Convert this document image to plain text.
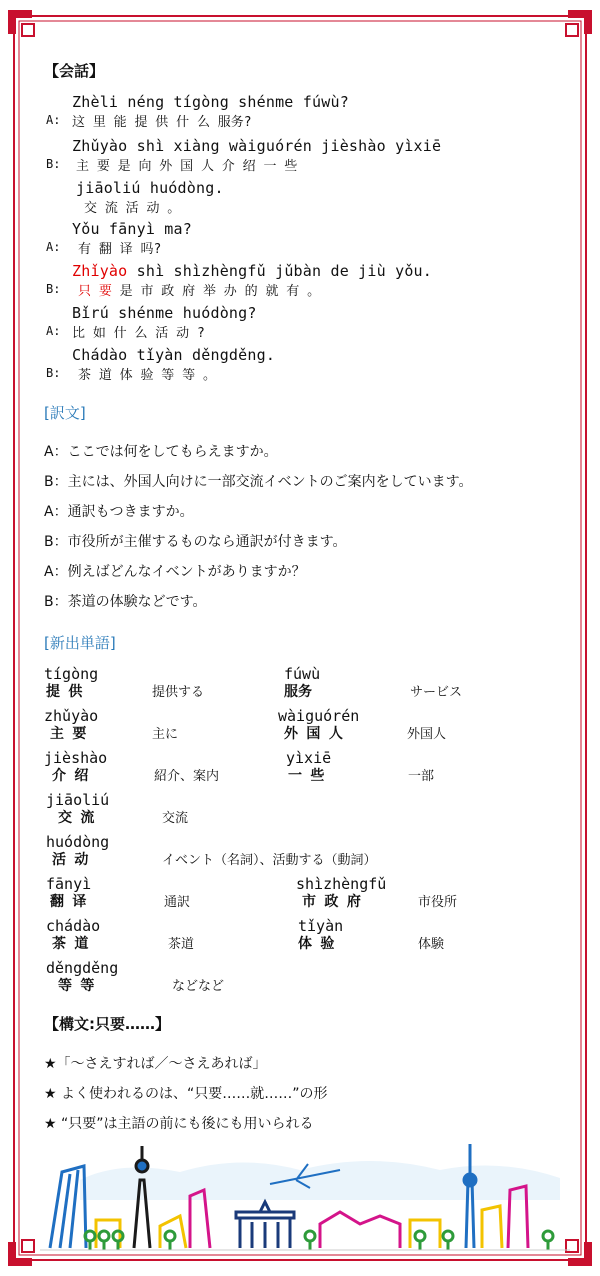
【会話】
Zhèli néng tígòng shénme fúwù?
A: 这 里 能 提 供 什 么 服务?
Zhǔyào shì xiàng wàiguórén jièshào yìxiē
B: 主 要 是 向 外 国 人 介 绍 一 些
jiāoliú huódòng.
交 流 活 动 。
Yǒu fānyì ma?
A: 有 翻 译 吗?
Zhǐyào shì shìzhèngfǔ jǔbàn de jiù yǒu.
B: 只 要 是 市 政 府 举 办 的 就 有 。
Bǐrú shénme huódòng?
A: 比 如 什 么 活 动 ?
Chádào tǐyàn děngděng.
B: 茶 道 体 验 等 等 。
[訳文]
A：ここでは何をしてもらえますか。
B：主には、外国人向けに一部交流イベントのご案内をしています。
A：通訳もつきますか。
B：市役所が主催するものなら通訳が付きます。
A：例えばどんなイベントがありますか？
B：茶道の体験などです。
[新出単語]
tígòng
提 供	提供する
fúwù
服务	サービス
zhǔyào
主 要	主に
wàiguórén
外 国 人	外国人
jièshào
介 绍	紹介、案内
yìxiē
一 些	一部
jiāoliú
交 流	交流
huódòng
活 动	イベント（名詞）、活動する（動詞）
fānyì
翻 译	通訳
shìzhèngfǔ
市 政 府	市役所
chádào
茶 道	茶道
tǐyàn
体 验	体験
děngděng
等 等	などなど
【構文:只要……】
★「～さえすれば／～さえあれば」
★ よく使われるのは、“只要……就……”の形
★ “只要”は主語の前にも後にも用いられる
